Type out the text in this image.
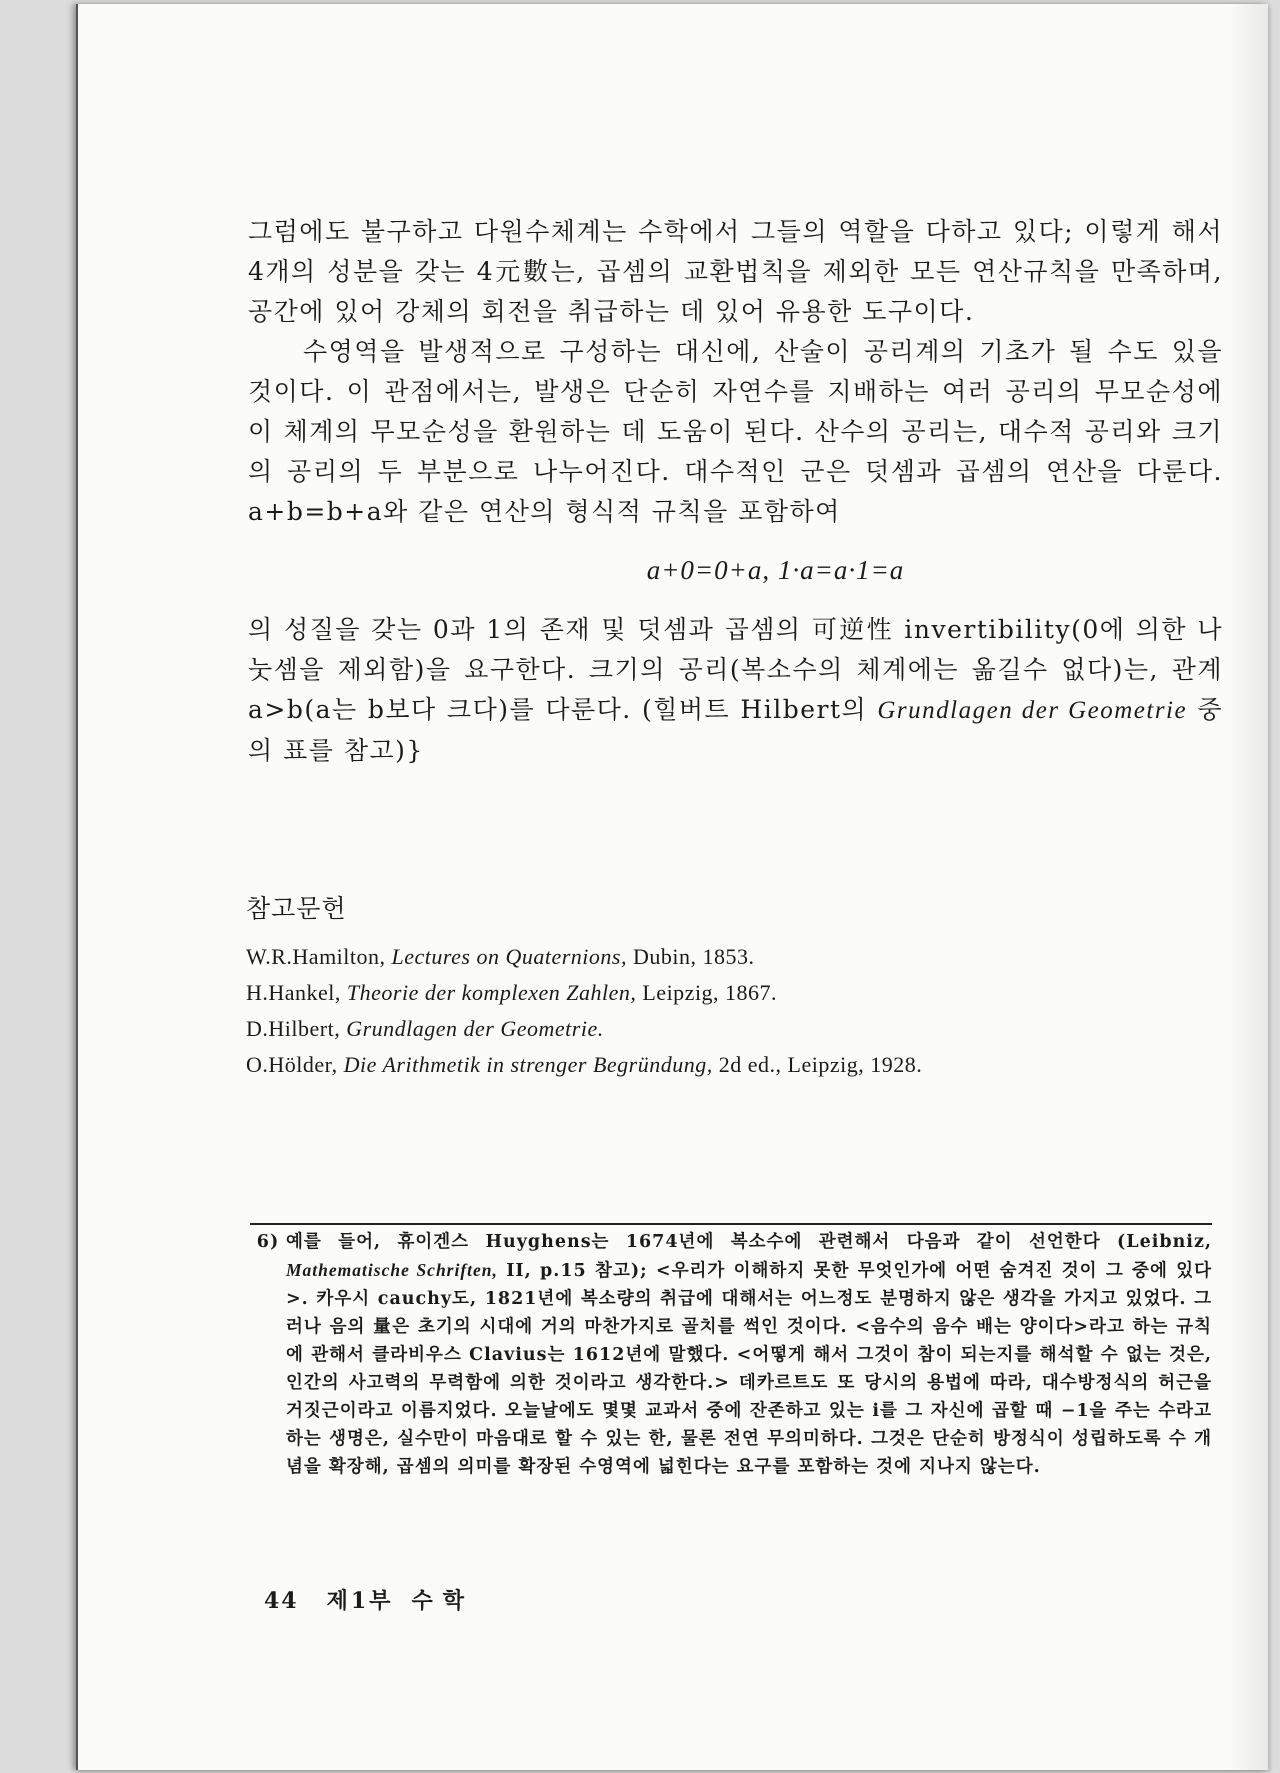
그럼에도 불구하고 다원수체계는 수학에서 그들의 역할을 다하고 있다; 이렇게 해서 4개의 성분을 갖는 4元數는, 곱셈의 교환법칙을 제외한 모든 연산규칙을 만족하며, 공간에 있어 강체의 회전을 취급하는 데 있어 유용한 도구이다.

수영역을 발생적으로 구성하는 대신에, 산술이 공리계의 기초가 될 수도 있을 것이다. 이 관점에서는, 발생은 단순히 자연수를 지배하는 여러 공리의 무모순성에 이 체계의 무모순성을 환원하는 데 도움이 된다. 산수의 공리는, 대수적 공리와 크기의 공리의 두 부분으로 나누어진다. 대수적인 군은 덧셈과 곱셈의 연산을 다룬다. a+b=b+a와 같은 연산의 형식적 규칙을 포함하여

a+0=0+a, 1·a=a·1=a

의 성질을 갖는 0과 1의 존재 및 덧셈과 곱셈의 可逆性 invertibility(0에 의한 나눗셈을 제외함)을 요구한다. 크기의 공리(복소수의 체계에는 옮길수 없다)는, 관계 a>b(a는 b보다 크다)를 다룬다. (힐버트 Hilbert의 Grundlagen der Geometrie 중의 표를 참고)}

참고문헌
W.R.Hamilton, Lectures on Quaternions, Dubin, 1853.
H.Hankel, Theorie der komplexen Zahlen, Leipzig, 1867.
D.Hilbert, Grundlagen der Geometrie.
O.Hölder, Die Arithmetik in strenger Begründung, 2d ed., Leipzig, 1928.
6) 예를 들어, 휴이겐스 Huyghens는 1674년에 복소수에 관련해서 다음과 같이 선언한다 (Leibniz, Mathematische Schriften, II, p.15 참고); <우리가 이해하지 못한 무엇인가에 어떤 숨겨진 것이 그 중에 있다>. 카우시 cauchy도, 1821년에 복소량의 취급에 대해서는 어느정도 분명하지 않은 생각을 가지고 있었다. 그러나 음의 量은 초기의 시대에 거의 마찬가지로 골치를 썩인 것이다. <음수의 음수 배는 양이다>라고 하는 규칙에 관해서 클라비우스 Clavius는 1612년에 말했다. <어떻게 해서 그것이 참이 되는지를 해석할 수 없는 것은, 인간의 사고력의 무력함에 의한 것이라고 생각한다.> 데카르트도 또 당시의 용법에 따라, 대수방정식의 허근을 거짓근이라고 이름지었다. 오늘날에도 몇몇 교과서 중에 잔존하고 있는 i를 그 자신에 곱할 때 −1을 주는 수라고 하는 생명은, 실수만이 마음대로 할 수 있는 한, 물론 전연 무의미하다. 그것은 단순히 방정식이 성립하도록 수 개념을 확장해, 곱셈의 의미를 확장된 수영역에 넓힌다는 요구를 포함하는 것에 지나지 않는다.
44 제1부 수학
